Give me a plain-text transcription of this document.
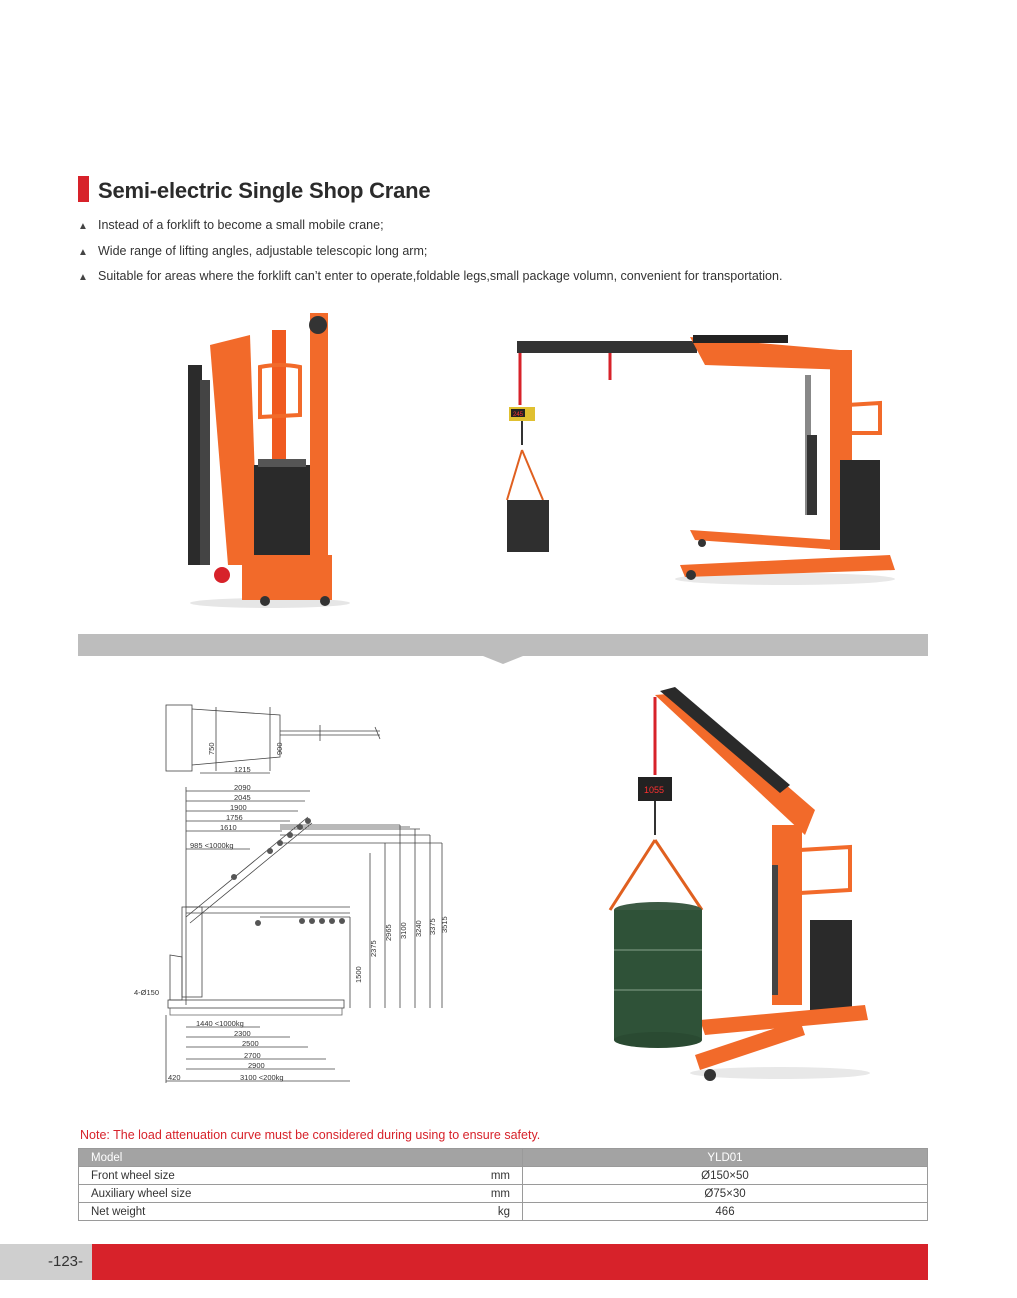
Semi-electric Single Shop Crane
▲ Instead of a forklift to become a small mobile crane;
▲ Wide range of lifting angles, adjustable telescopic long arm;
▲ Suitable for areas where the forklift can’t enter to operate,foldable legs,small package volumn, convenient for transportation.
245
1215
750	900
2090
2045
1900
1756
1610
985 <1000kg
1500
2375
2965 3100 3240 3375 3515
4-Ø150
1440 <1000kg
2300
2500
2700
2900
3100 <200kg
420
1055
Note: The load attenuation curve must be considered during using to ensure safety.
Model		YLD01
Front wheel size	mm	Ø150×50
Auxiliary wheel size	mm	Ø75×30
Net weight	kg	466
-123-
